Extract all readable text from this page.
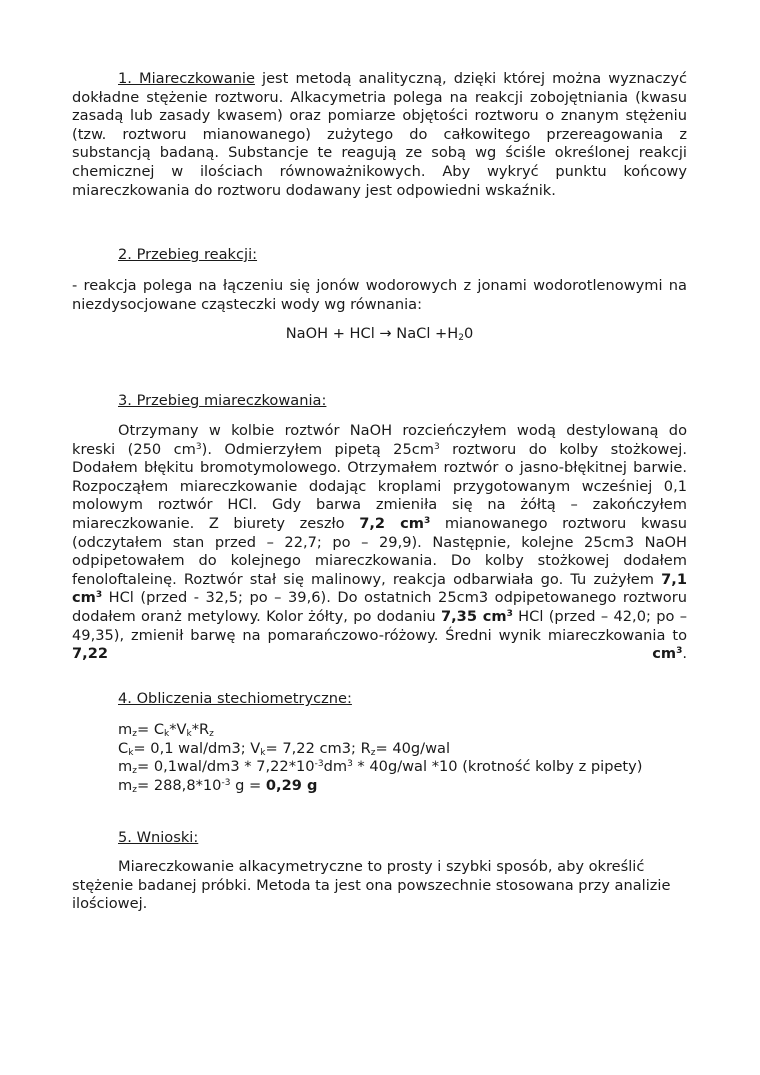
1. Miareczkowanie jest metodą analityczną, dzięki której można wyznaczyć dokładne stężenie roztworu. Alkacymetria polega na reakcji zobojętniania (kwasu zasadą lub zasady kwasem) oraz pomiarze objętości roztworu o znanym stężeniu (tzw. roztworu mianowanego) zużytego do całkowitego przereagowania z substancją badaną. Substancje te reagują ze sobą wg ściśle określonej reakcji chemicznej w ilościach równoważnikowych. Aby wykryć punktu końcowy miareczkowania do roztworu dodawany jest odpowiedni wskaźnik.
2. Przebieg reakcji:
- reakcja polega na łączeniu się jonów wodorowych z jonami wodorotlenowymi na niezdysocjowane cząsteczki wody wg równania:
NaOH + HCl → NaCl $+H_20$
3. Przebieg miareczkowania:
Otrzymany w kolbie roztwór NaOH rozcieńczyłem wodą destylowaną do kreski (250 $cm^3$). Odmierzyłem pipetą $25cm^3$ roztworu do kolby stożkowej. Dodałem błękitu bromotymolowego. Otrzymałem roztwór o jasno-błękitnej barwie. Rozpocząłem miareczkowanie dodając kroplami przygotowanym wcześniej 0,1 molowym roztwór HCl. Gdy barwa zmieniła się na żółtą – zakończyłem miareczkowanie. Z biurety zeszło 7,2 $cm^3$ mianowanego roztworu kwasu (odczytałem stan przed – 22,7; po – 29,9). Następnie, kolejne 25cm3 NaOH odpipetowałem do kolejnego miareczkowania. Do kolby stożkowej dodałem fenoloftaleinę. Roztwór stał się malinowy, reakcja odbarwiała go. Tu zużyłem 7,1 $cm^3$ HCl (przed - 32,5; po – 39,6). Do ostatnich 25cm3 odpipetowanego roztworu dodałem oranż metylowy. Kolor żółty, po dodaniu 7,35 $cm^3$ HCl (przed – 42,0; po – 49,35), zmienił barwę na pomarańczowo-różowy. Średni wynik miareczkowania to 7,22 $cm^3$.
4. Obliczenia stechiometryczne:
$m_z= C_k*V_k*R_z$
$C_k= 0,1$ wal/dm3; $V_k= 7,22$ cm3; $R_z= 40g/wal$
$m_z= 0,1wal/dm3 * 7,22*10^{-3}dm^3 * 40g/wal$ *10 (krotność kolby z pipety)
$m_z= 288,8*10^{-3}$ g = 0,29 g
5. Wnioski:
Miareczkowanie alkacymetryczne to prosty i szybki sposób, aby określić stężenie badanej próbki. Metoda ta jest ona powszechnie stosowana przy analizie ilościowej.
